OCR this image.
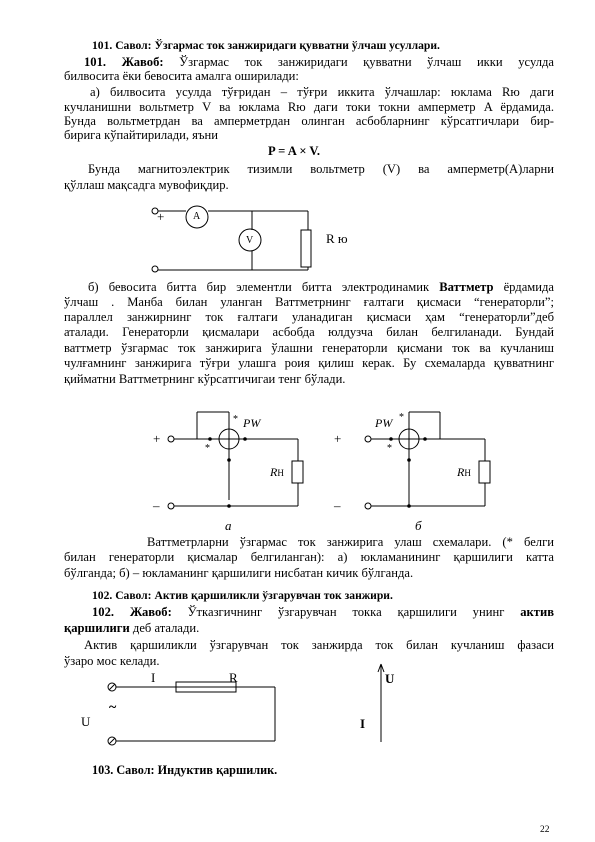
101. Савол: Ўзгармас ток занжиридаги қувватни ўлчаш усуллари.
101. Жавоб: Ўзгармас ток занжиридаги қувватни ўлчаш икки усулда
билвосита ёки бевосита амалга оширилади:
а) билвосита усулда тўғридан – тўғри иккита ўлчашлар: юклама Rю даги
кучланишни вольтметр V ва юклама Rю даги токи токни амперметр A ёрдамида.
Бунда вольтметрдан ва амперметрдан олинган асбобларнинг кўрсатгичлари бир-
бирига кўпайтирилади, яъни
P = A × V.
Бунда магнитоэлектрик тизимли вольтметр (V) ва амперметр(A)ларни
қўллаш мақсадга мувофиқдир.
+	A
V	R ю
б) бевосита битта бир элементли битта электродинамик Ваттметр ёрдамида
ўлчаш . Манба билан уланган Ваттметрнинг ғалтаги қисмаси “генераторли”;
параллел занжирнинг ток ғалтаги уланадиган қисмаси ҳам “генераторли”деб
аталади. Генераторли қисмалари асбобда юлдузча билан белгиланади. Бундай
ваттметр ўзгармас ток занжирига ўлашни генераторли қисмани ток ва кучланиш
чулғамнинг занжирига тўғри улашга роия қилиш керак. Бу схемаларда қувватнинг
қийматни Ваттметрнинг кўрсатгичигаи тенг бўлади.
+
–
PW
*
*
RH
а
+
–
PW *
*
RH
б
Ваттметрларни ўзгармас ток занжирига улаш схемалари. (* белги
билан генераторли қисмалар белгиланган): а) юкламанининг қаршилиги катта
бўлганда; б) – юкламанинг қаршилиги нисбатан кичик бўлганда.
102. Савол: Актив қаршиликли ўзгарувчан ток занжири.
102. Жавоб: Ўтказгичнинг ўзгарувчан токка қаршилиги унинг актив
қаршилиги деб аталади.
Актив қаршиликли ўзгарувчан ток занжирда ток билан кучланиш фазаси
ўзаро мос келади.
I	R
U
~
U
I
103. Савол: Индуктив қаршилик.
22
